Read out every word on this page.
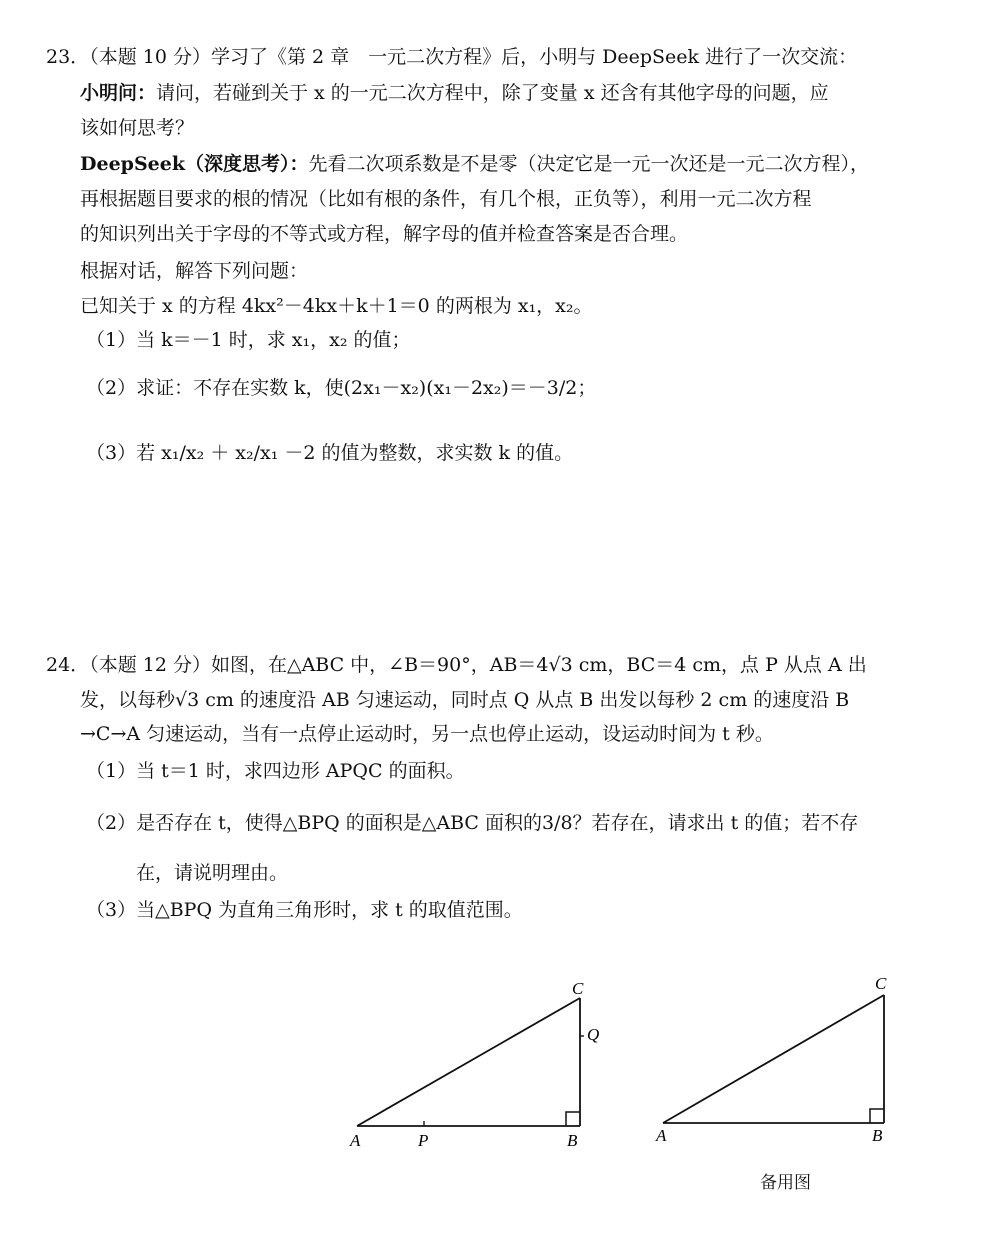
23．（本题 10 分）学习了《第 2 章　一元二次方程》后，小明与 DeepSeek 进行了一次交流：
小明问：请问，若碰到关于 x 的一元二次方程中，除了变量 x 还含有其他字母的问题，应
该如何思考？
DeepSeek（深度思考）：先看二次项系数是不是零（决定它是一元一次还是一元二次方程），
再根据题目要求的根的情况（比如有根的条件，有几个根，正负等），利用一元二次方程
的知识列出关于字母的不等式或方程，解字母的值并检查答案是否合理。
根据对话，解答下列问题：
已知关于 x 的方程 4kx²－4kx＋k＋1＝0 的两根为 x₁，x₂。
（1）当 k＝－1 时，求 x₁，x₂ 的值；
（2）求证：不存在实数 k，使(2x₁－x₂)(x₁－2x₂)＝－3/2；
（3）若 x₁/x₂ ＋ x₂/x₁ －2 的值为整数，求实数 k 的值。
24．（本题 12 分）如图，在△ABC 中，∠B＝90°，AB＝4√3 cm，BC＝4 cm，点 P 从点 A 出
发，以每秒√3 cm 的速度沿 AB 匀速运动，同时点 Q 从点 B 出发以每秒 2 cm 的速度沿 B
→C→A 匀速运动，当有一点停止运动时，另一点也停止运动，设运动时间为 t 秒。
（1）当 t＝1 时，求四边形 APQC 的面积。
（2）是否存在 t，使得△BPQ 的面积是△ABC 面积的3/8？若存在，请求出 t 的值；若不存
在，请说明理由。
（3）当△BPQ 为直角三角形时，求 t 的取值范围。
A	P	B
C
Q
A	B
C
备用图
